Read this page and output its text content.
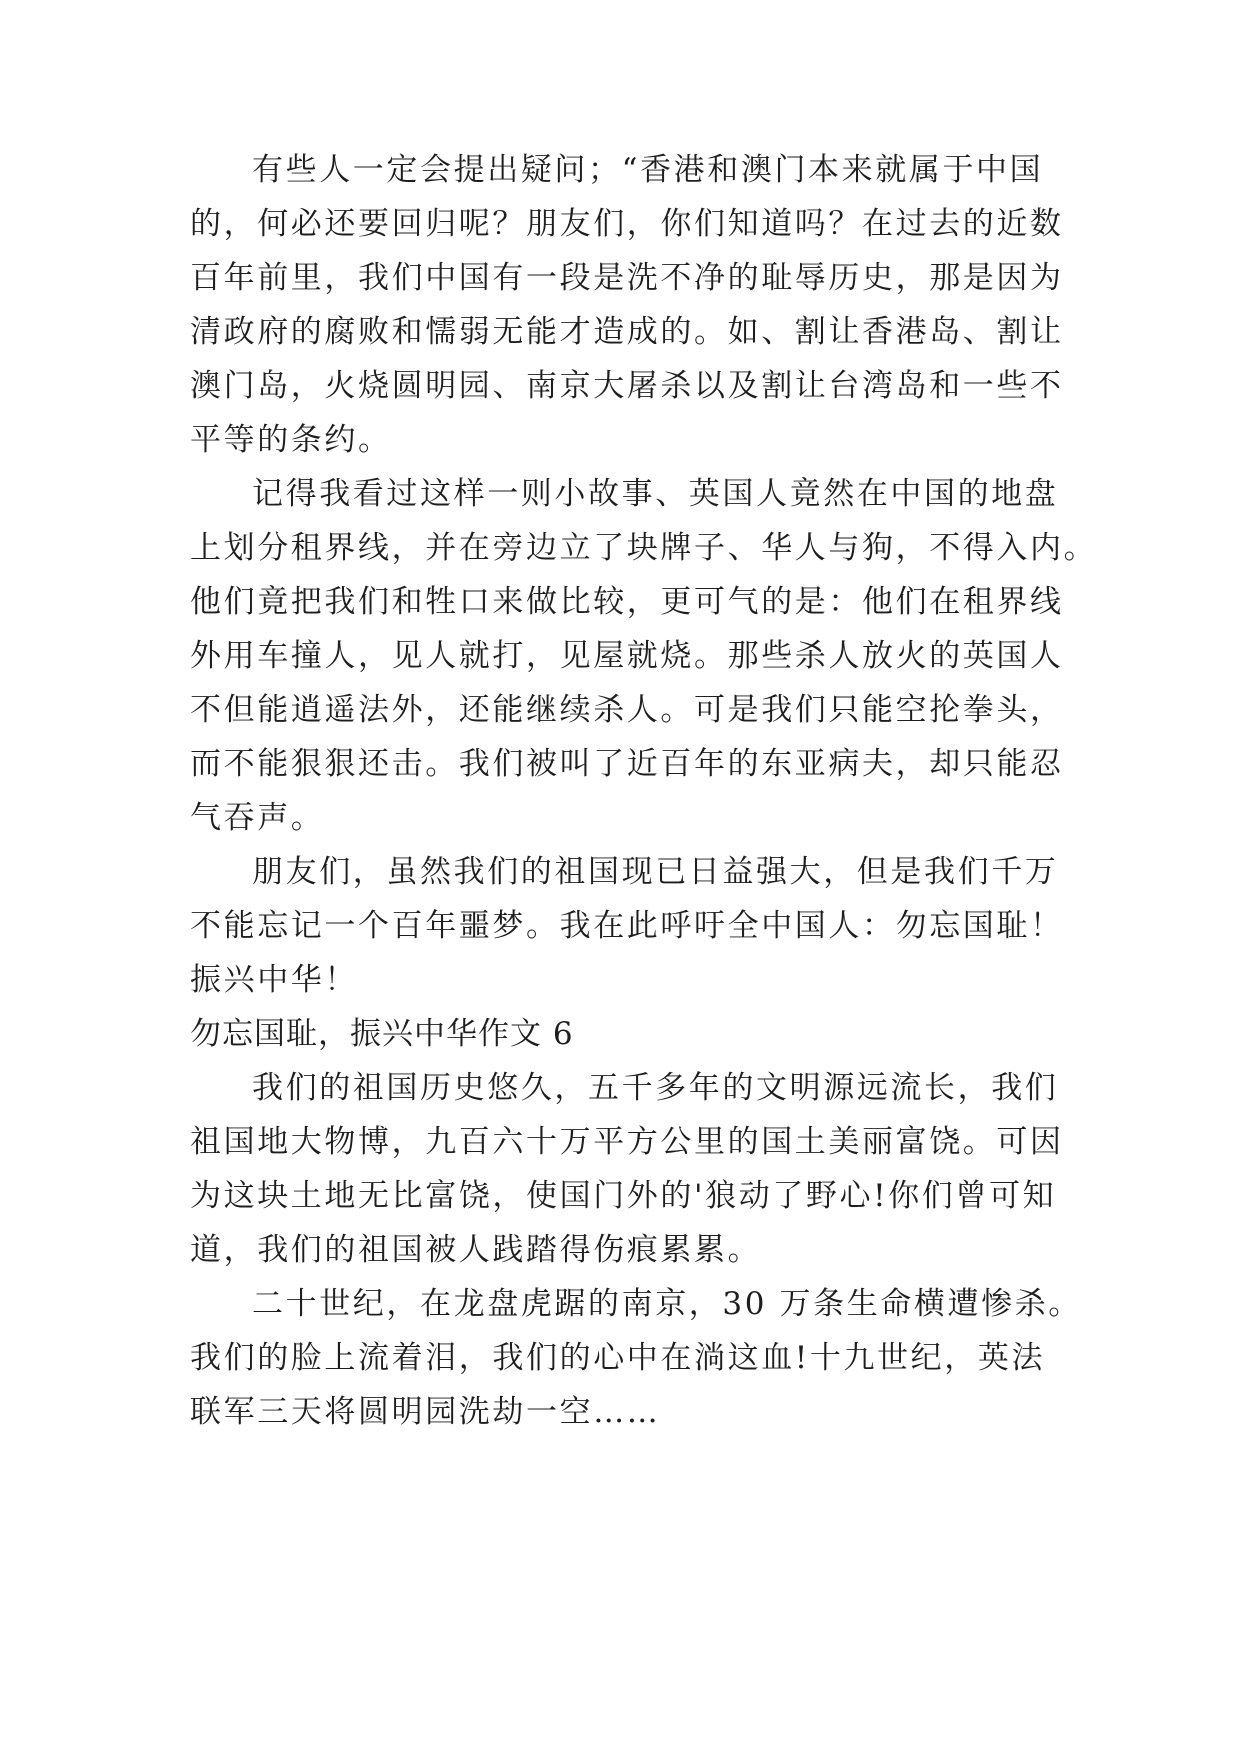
有些人一定会提出疑问；“香港和澳门本来就属于中国

的，何必还要回归呢？朋友们，你们知道吗？在过去的近数

百年前里，我们中国有一段是洗不净的耻辱历史，那是因为

清政府的腐败和懦弱无能才造成的。如、割让香港岛、割让

澳门岛，火烧圆明园、南京大屠杀以及割让台湾岛和一些不

平等的条约。

记得我看过这样一则小故事、英国人竟然在中国的地盘

上划分租界线，并在旁边立了块牌子、华人与狗，不得入内。

他们竟把我们和牲口来做比较，更可气的是：他们在租界线

外用车撞人，见人就打，见屋就烧。那些杀人放火的英国人

不但能逍遥法外，还能继续杀人。可是我们只能空抡拳头，

而不能狠狠还击。我们被叫了近百年的东亚病夫，却只能忍

气吞声。

朋友们，虽然我们的祖国现已日益强大，但是我们千万

不能忘记一个百年噩梦。我在此呼吁全中国人：勿忘国耻！

振兴中华！

勿忘国耻，振兴中华作文 6

我们的祖国历史悠久，五千多年的文明源远流长，我们

祖国地大物博，九百六十万平方公里的国土美丽富饶。可因

为这块土地无比富饶，使国门外的'狼动了野心!你们曾可知

道，我们的祖国被人践踏得伤痕累累。

二十世纪，在龙盘虎踞的南京，30 万条生命横遭惨杀。

我们的脸上流着泪，我们的心中在淌这血!十九世纪，英法

联军三天将圆明园洗劫一空……
